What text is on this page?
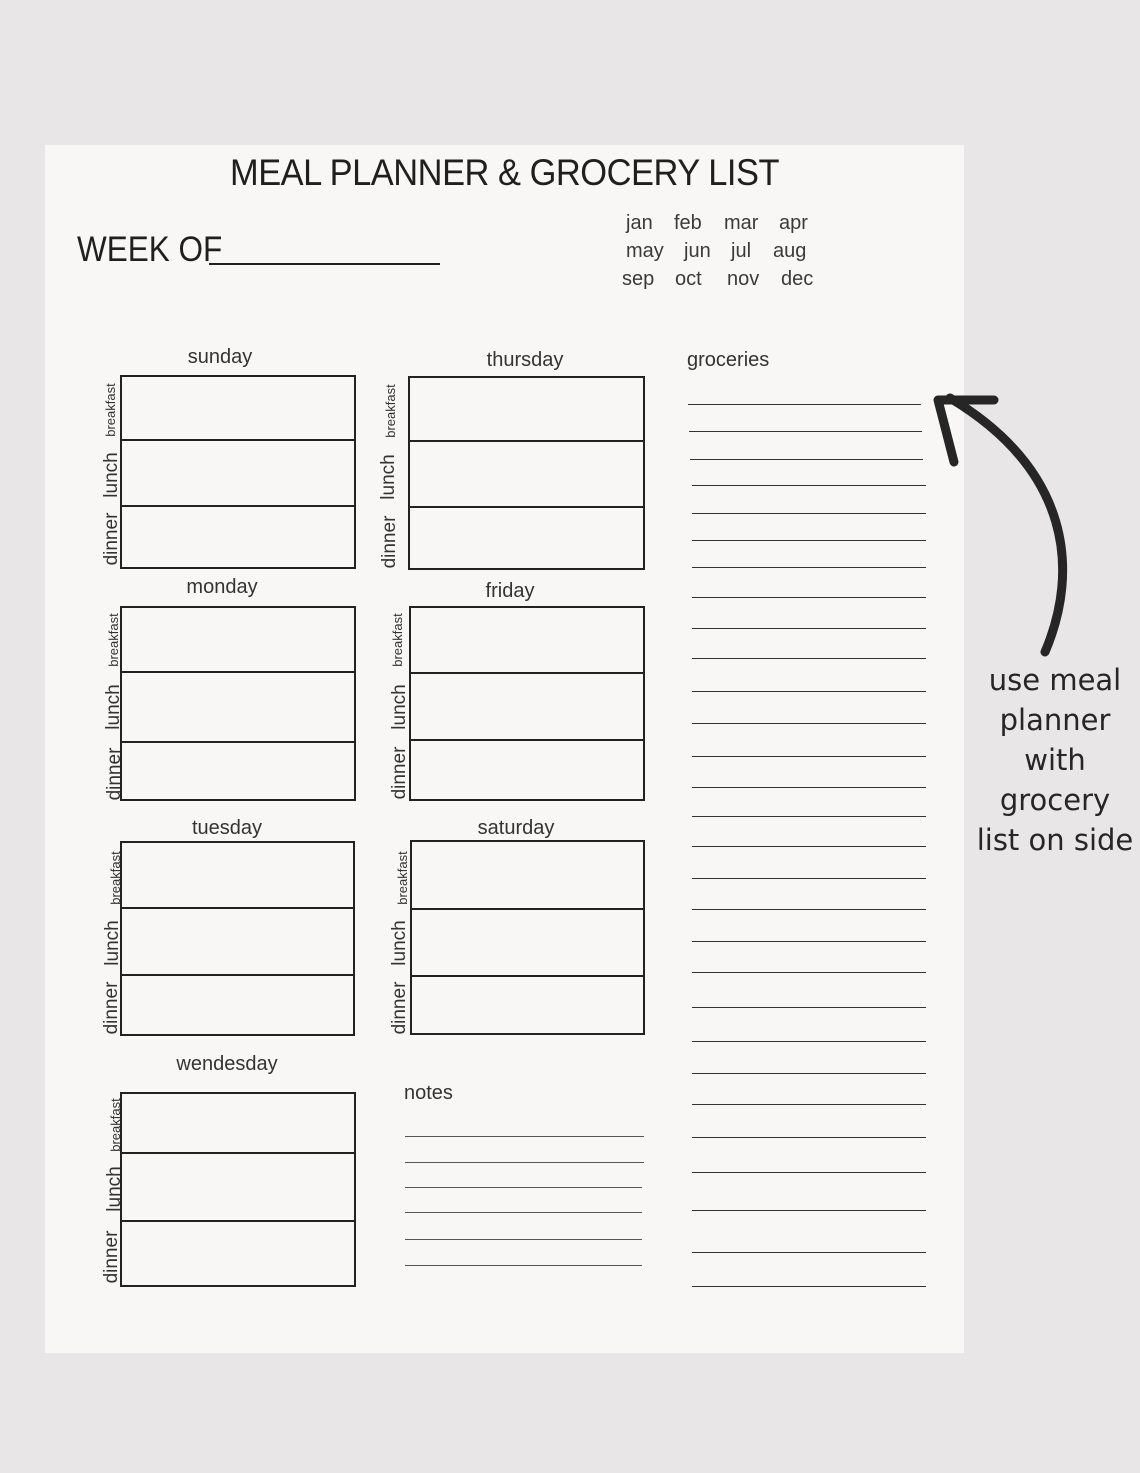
MEAL PLANNER & GROCERY LIST
WEEK OF
jan feb mar apr
may jun jul aug
sep oct nov dec
sunday
breakfast
lunch
dinner
monday
breakfast
lunch
dinner
tuesday
breakfast
lunch
dinner
wendesday
breakfast
lunch
dinner
thursday
breakfast
lunch
dinner
friday
breakfast
lunch
dinner
saturday
breakfast
lunch
dinner
notes
groceries
use meal
planner
with
grocery
list on side
